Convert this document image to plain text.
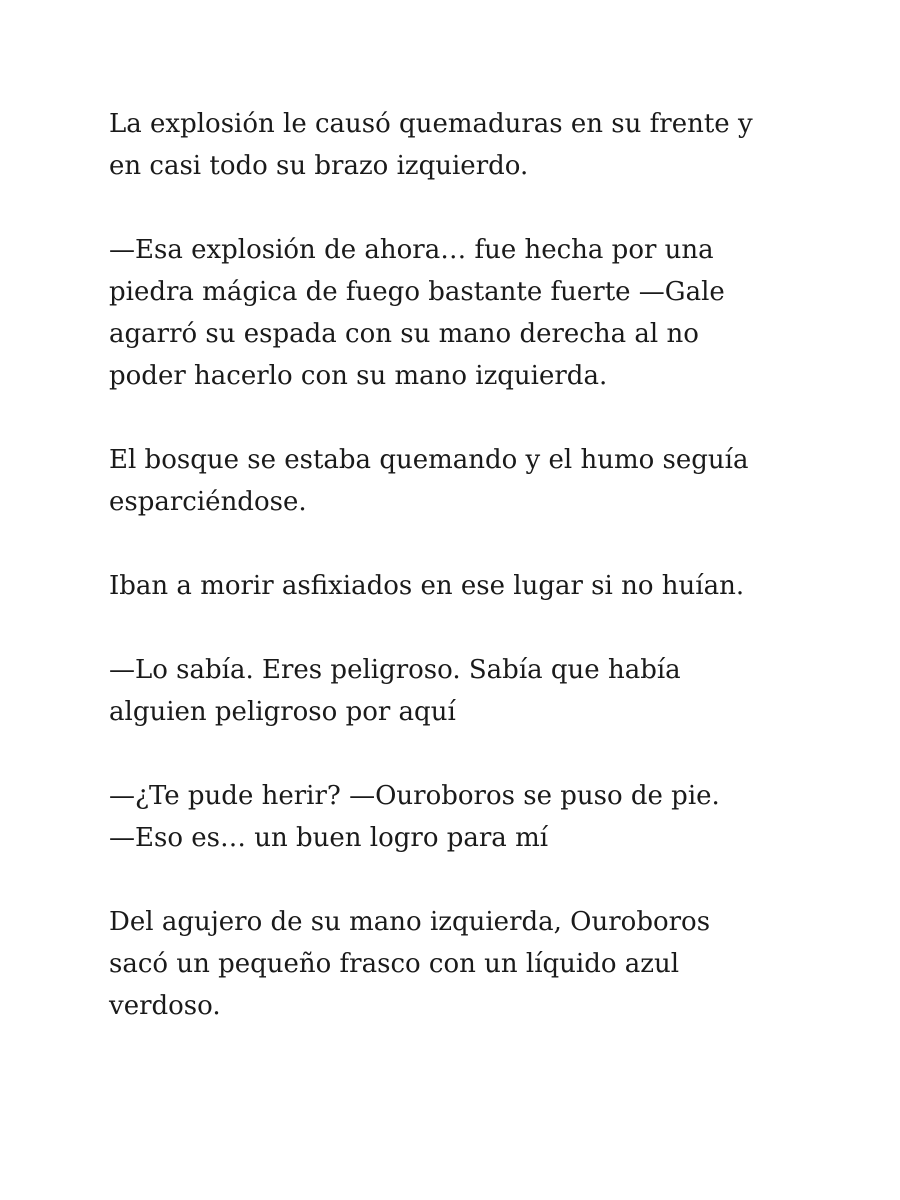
La explosión le causó quemaduras en su frente y
en casi todo su brazo izquierdo.

—Esa explosión de ahora… fue hecha por una
piedra mágica de fuego bastante fuerte —Gale
agarró su espada con su mano derecha al no
poder hacerlo con su mano izquierda.

El bosque se estaba quemando y el humo seguía
esparciéndose.

Iban a morir asfixiados en ese lugar si no huían.

—Lo sabía. Eres peligroso. Sabía que había
alguien peligroso por aquí

—¿Te pude herir? —Ouroboros se puso de pie.
—Eso es… un buen logro para mí

Del agujero de su mano izquierda, Ouroboros
sacó un pequeño frasco con un líquido azul
verdoso.
